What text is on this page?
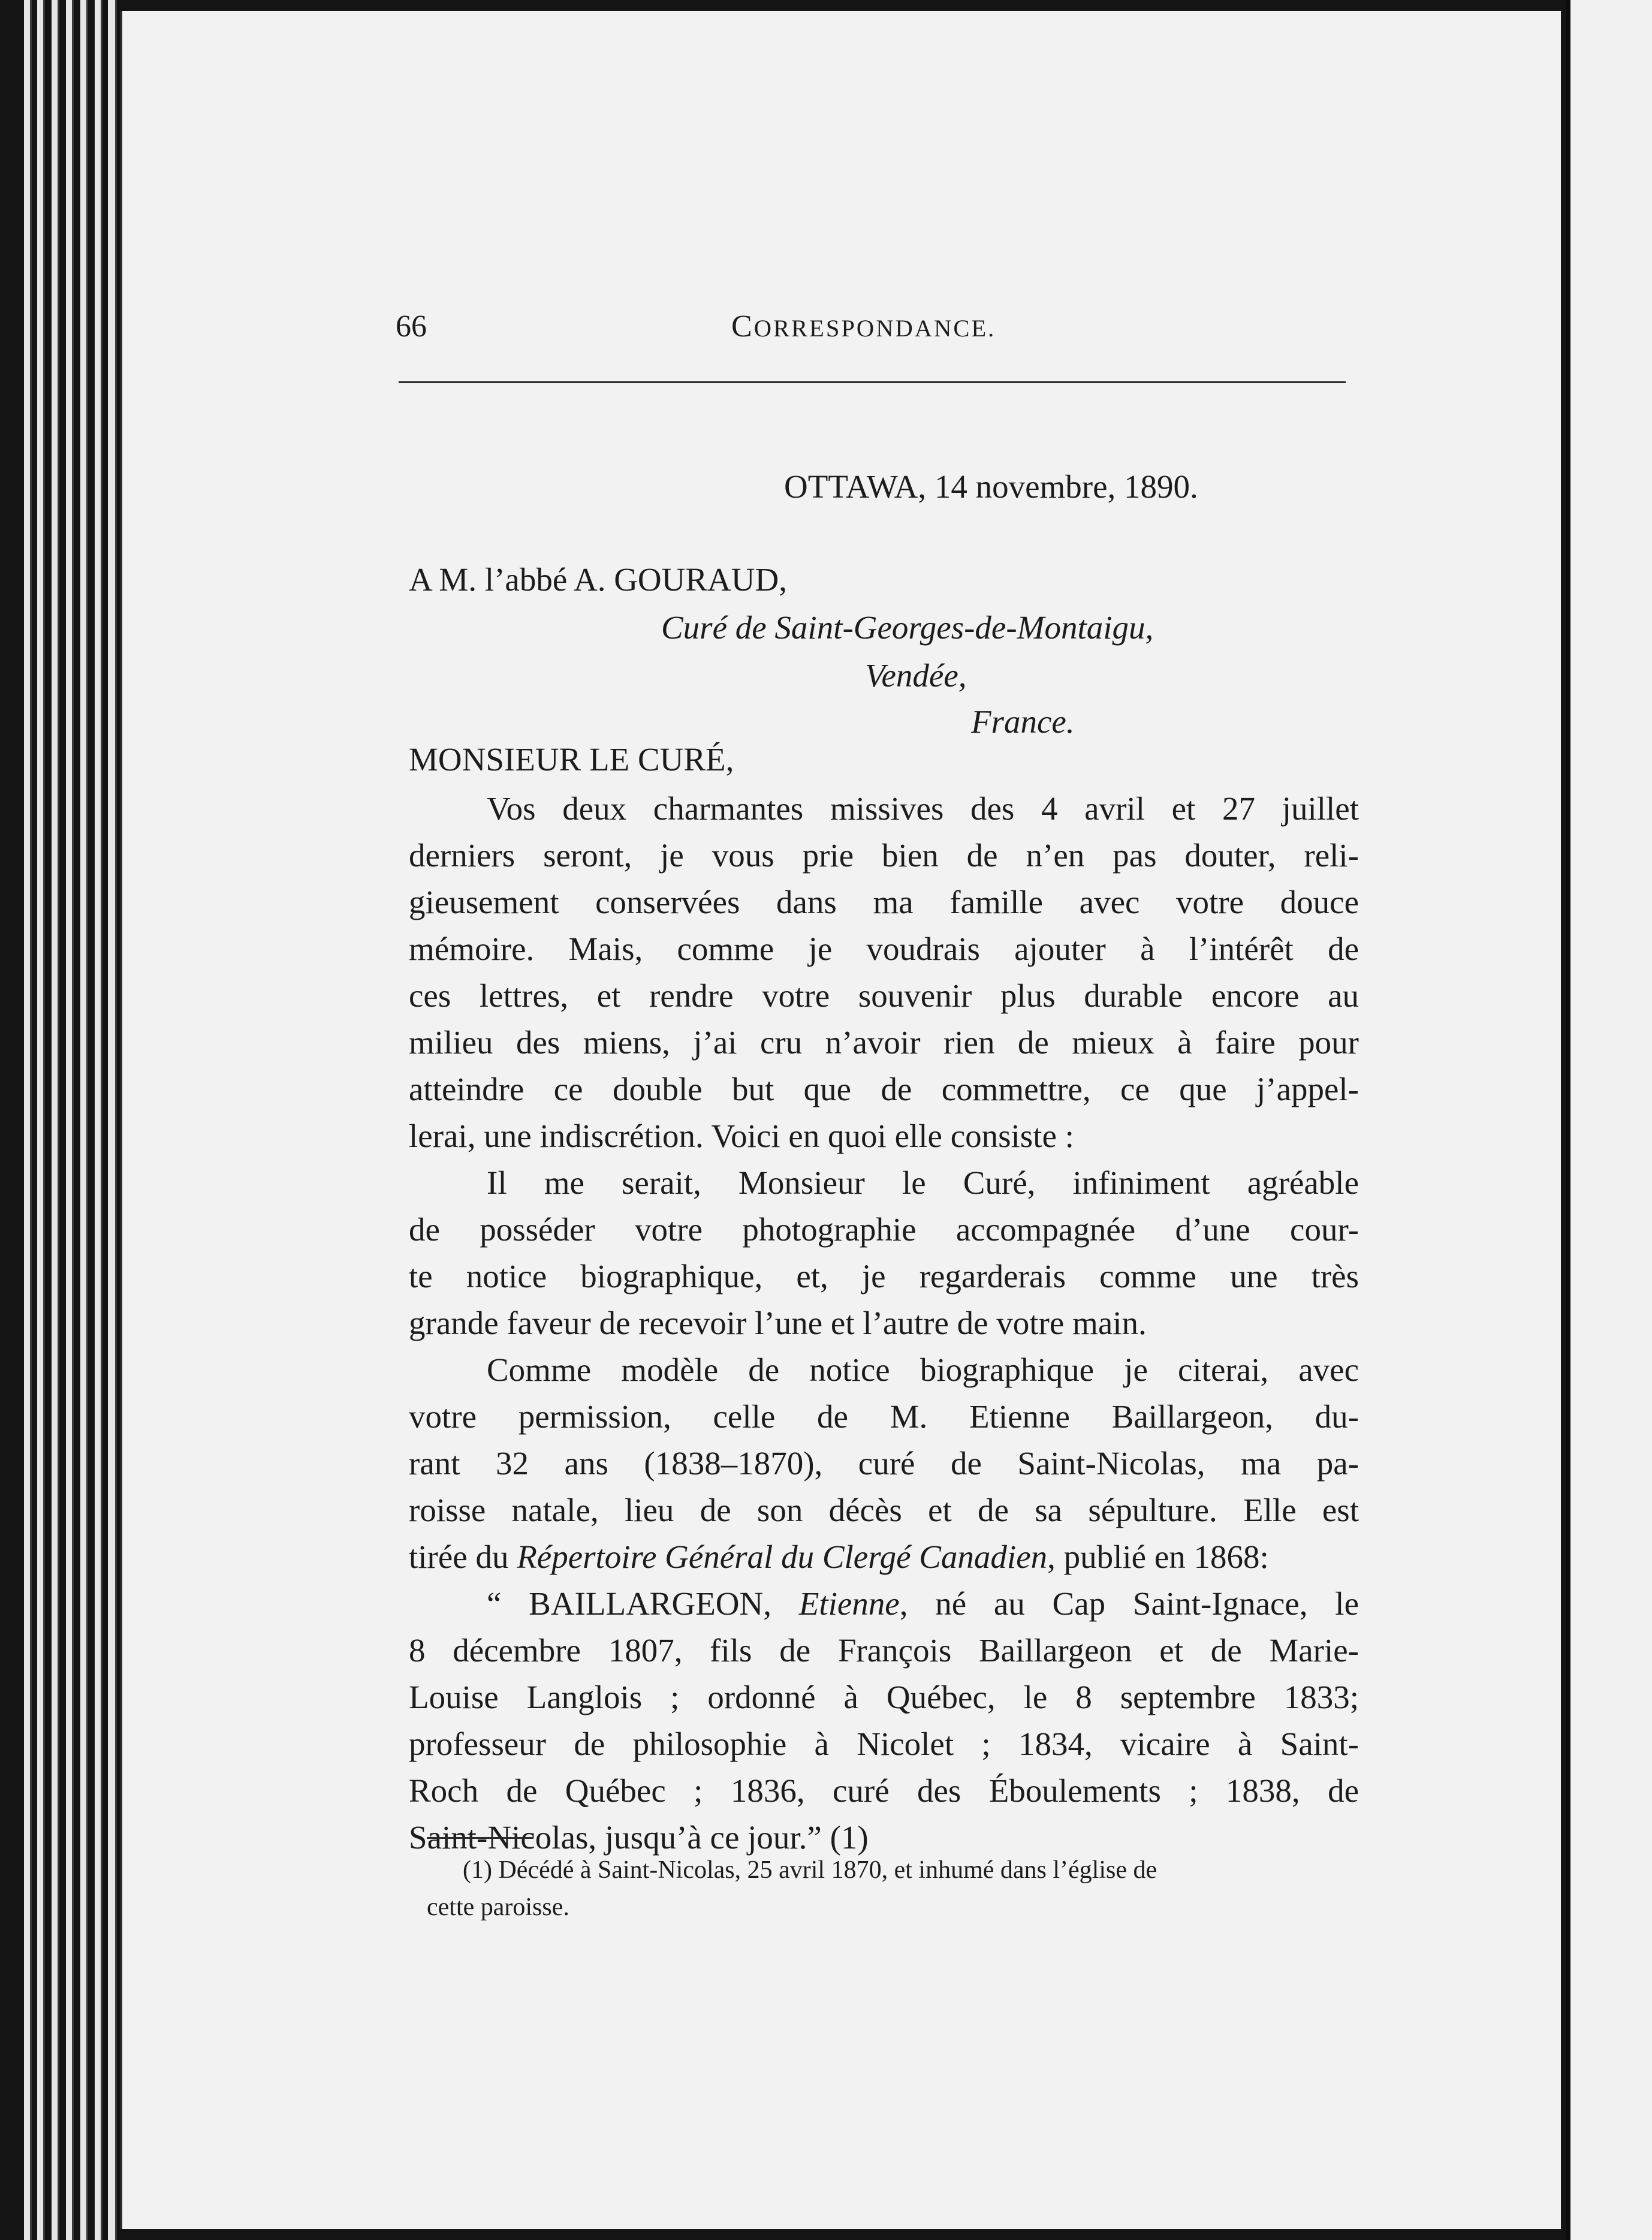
66	CORRESPONDANCE.
OTTAWA, 14 novembre, 1890.
A M. l’abbé A. GOURAUD,
Curé de Saint-Georges-de-Montaigu,
Vendée,
France.
MONSIEUR LE CURÉ,
Vos deux charmantes missives des 4 avril et 27 juillet
derniers seront, je vous prie bien de n’en pas douter, reli-
gieusement conservées dans ma famille avec votre douce
mémoire. Mais, comme je voudrais ajouter à l’intérêt de
ces lettres, et rendre votre souvenir plus durable encore au
milieu des miens, j’ai cru n’avoir rien de mieux à faire pour
atteindre ce double but que de commettre, ce que j’appel-
lerai, une indiscrétion. Voici en quoi elle consiste :
Il me serait, Monsieur le Curé, infiniment agréable
de posséder votre photographie accompagnée d’une cour-
te notice biographique, et, je regarderais comme une très
grande faveur de recevoir l’une et l’autre de votre main.
Comme modèle de notice biographique je citerai, avec
votre permission, celle de M. Etienne Baillargeon, du-
rant 32 ans (1838–1870), curé de Saint-Nicolas, ma pa-
roisse natale, lieu de son décès et de sa sépulture. Elle est
tirée du Répertoire Général du Clergé Canadien, publié en 1868:
“ BAILLARGEON, Etienne, né au Cap Saint-Ignace, le
8 décembre 1807, fils de François Baillargeon et de Marie-
Louise Langlois ; ordonné à Québec, le 8 septembre 1833;
professeur de philosophie à Nicolet ; 1834, vicaire à Saint-
Roch de Québec ; 1836, curé des Éboulements ; 1838, de
Saint-Nicolas, jusqu’à ce jour.” (1)
(1) Décédé à Saint-Nicolas, 25 avril 1870, et inhumé dans l’église de
cette paroisse.
